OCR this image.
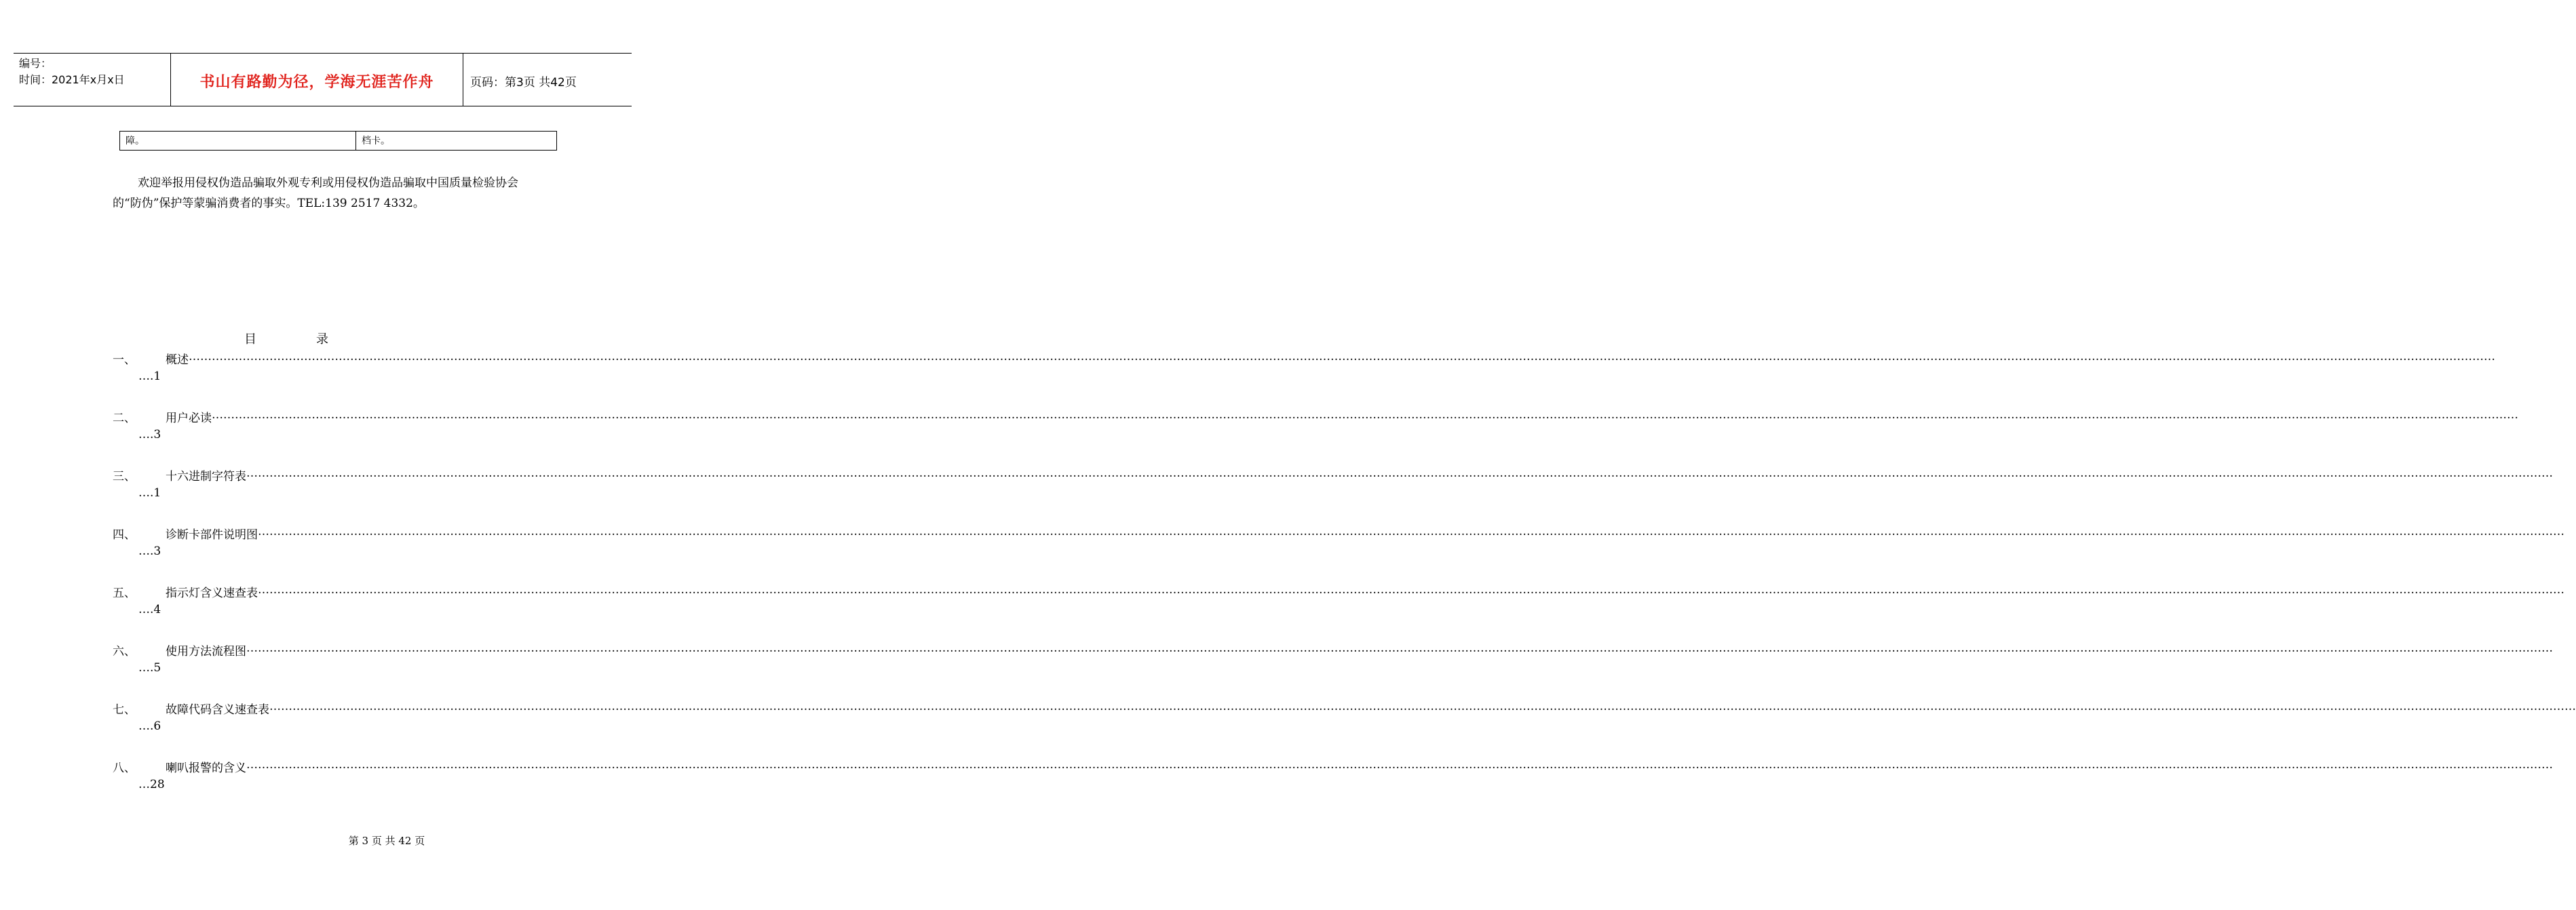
编号：
时间：2021年x月x日	书山有路勤为径，学海无涯苦作舟	页码：第3页 共42页
障。	档卡。
欢迎举报用侵权伪造品骗取外观专利或用侵权伪造品骗取中国质量检验协会的“防伪”保护等蒙骗消费者的事实。TEL:139 2517 4332。
目	录
一、	概述 ……………………………………………………………………………………………………………………………………………………………………………………………………………………………………………………………………………………………………………………………………………………………………………………………………………………………………………………………………………………………………………………………………………………
….1
二、	用户必读 ……………………………………………………………………………………………………………………………………………………………………………………………………………………………………………………………………………………………………………………………………………………………………………………………………………………………………………………………………………………………………………………………………………………
….3
三、	十六进制字符表 ……………………………………………………………………………………………………………………………………………………………………………………………………………………………………………………………………………………………………………………………………………………………………………………………………………………………………………………………………………………………………………………………………………………
….1
四、	诊断卡部件说明图 ……………………………………………………………………………………………………………………………………………………………………………………………………………………………………………………………………………………………………………………………………………………………………………………………………………………………………………………………………………………………………………………………………………………
….3
五、	指示灯含义速查表 ……………………………………………………………………………………………………………………………………………………………………………………………………………………………………………………………………………………………………………………………………………………………………………………………………………………………………………………………………………………………………………………………………………………
….4
六、	使用方法流程图 ……………………………………………………………………………………………………………………………………………………………………………………………………………………………………………………………………………………………………………………………………………………………………………………………………………………………………………………………………………………………………………………………………………………
….5
七、	故障代码含义速查表 ……………………………………………………………………………………………………………………………………………………………………………………………………………………………………………………………………………………………………………………………………………………………………………………………………………………………………………………………………………………………………………………………………………………
….6
八、	喇叭报警的含义 ……………………………………………………………………………………………………………………………………………………………………………………………………………………………………………………………………………………………………………………………………………………………………………………………………………………………………………………………………………………………………………………………………………………
…28
第 3 页 共 42 页
